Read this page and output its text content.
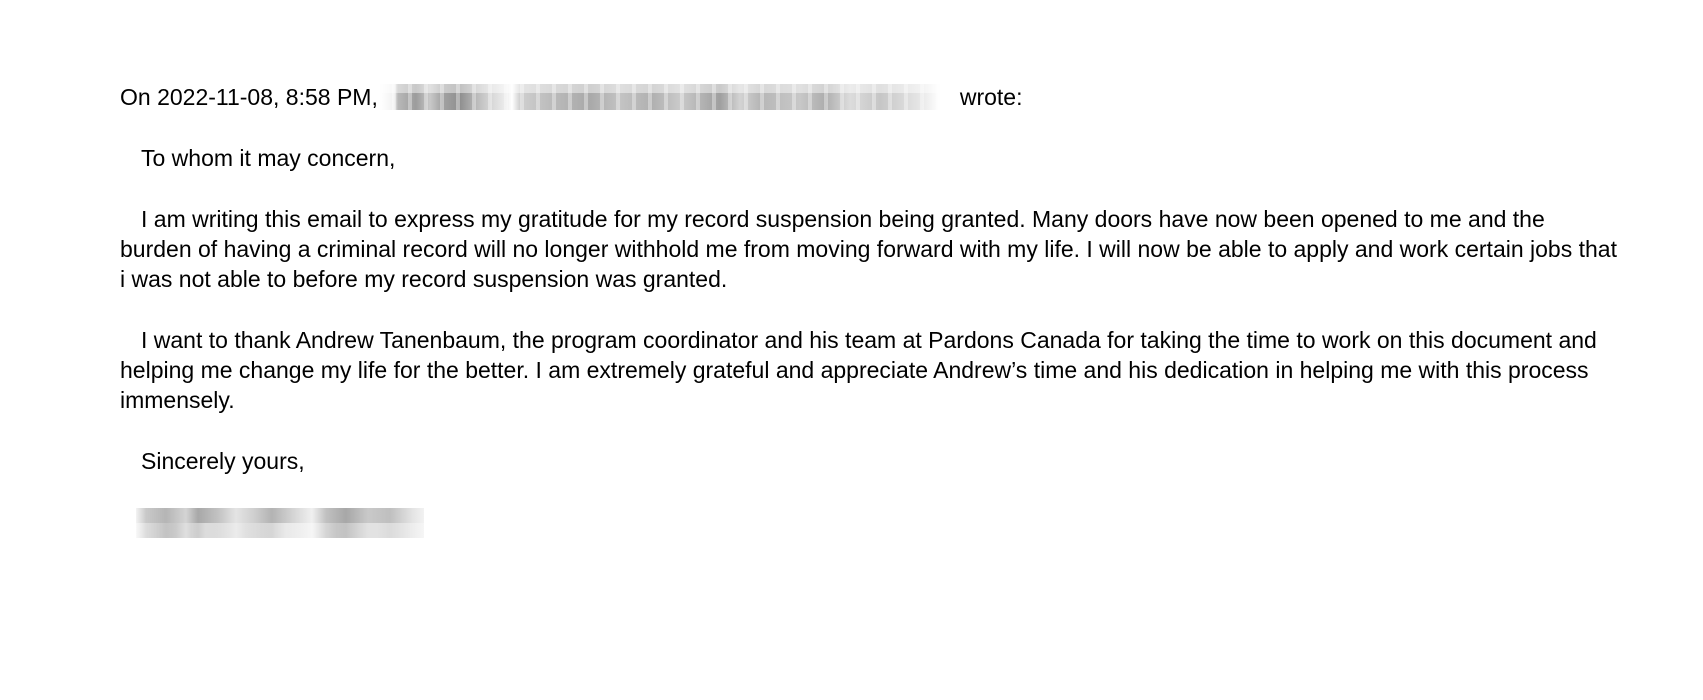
On 2022-11-08, 8:58 PM,	wrote:
To whom it may concern,
I am writing this email to express my gratitude for my record suspension being granted. Many doors have now been opened to me and the burden of having a criminal record will no longer withhold me from moving forward with my life. I will now be able to apply and work certain jobs that i was not able to before my record suspension was granted.
I want to thank Andrew Tanenbaum, the program coordinator and his team at Pardons Canada for taking the time to work on this document and helping me change my life for the better. I am extremely grateful and appreciate Andrew’s time and his dedication in helping me with this process immensely.
Sincerely yours,
